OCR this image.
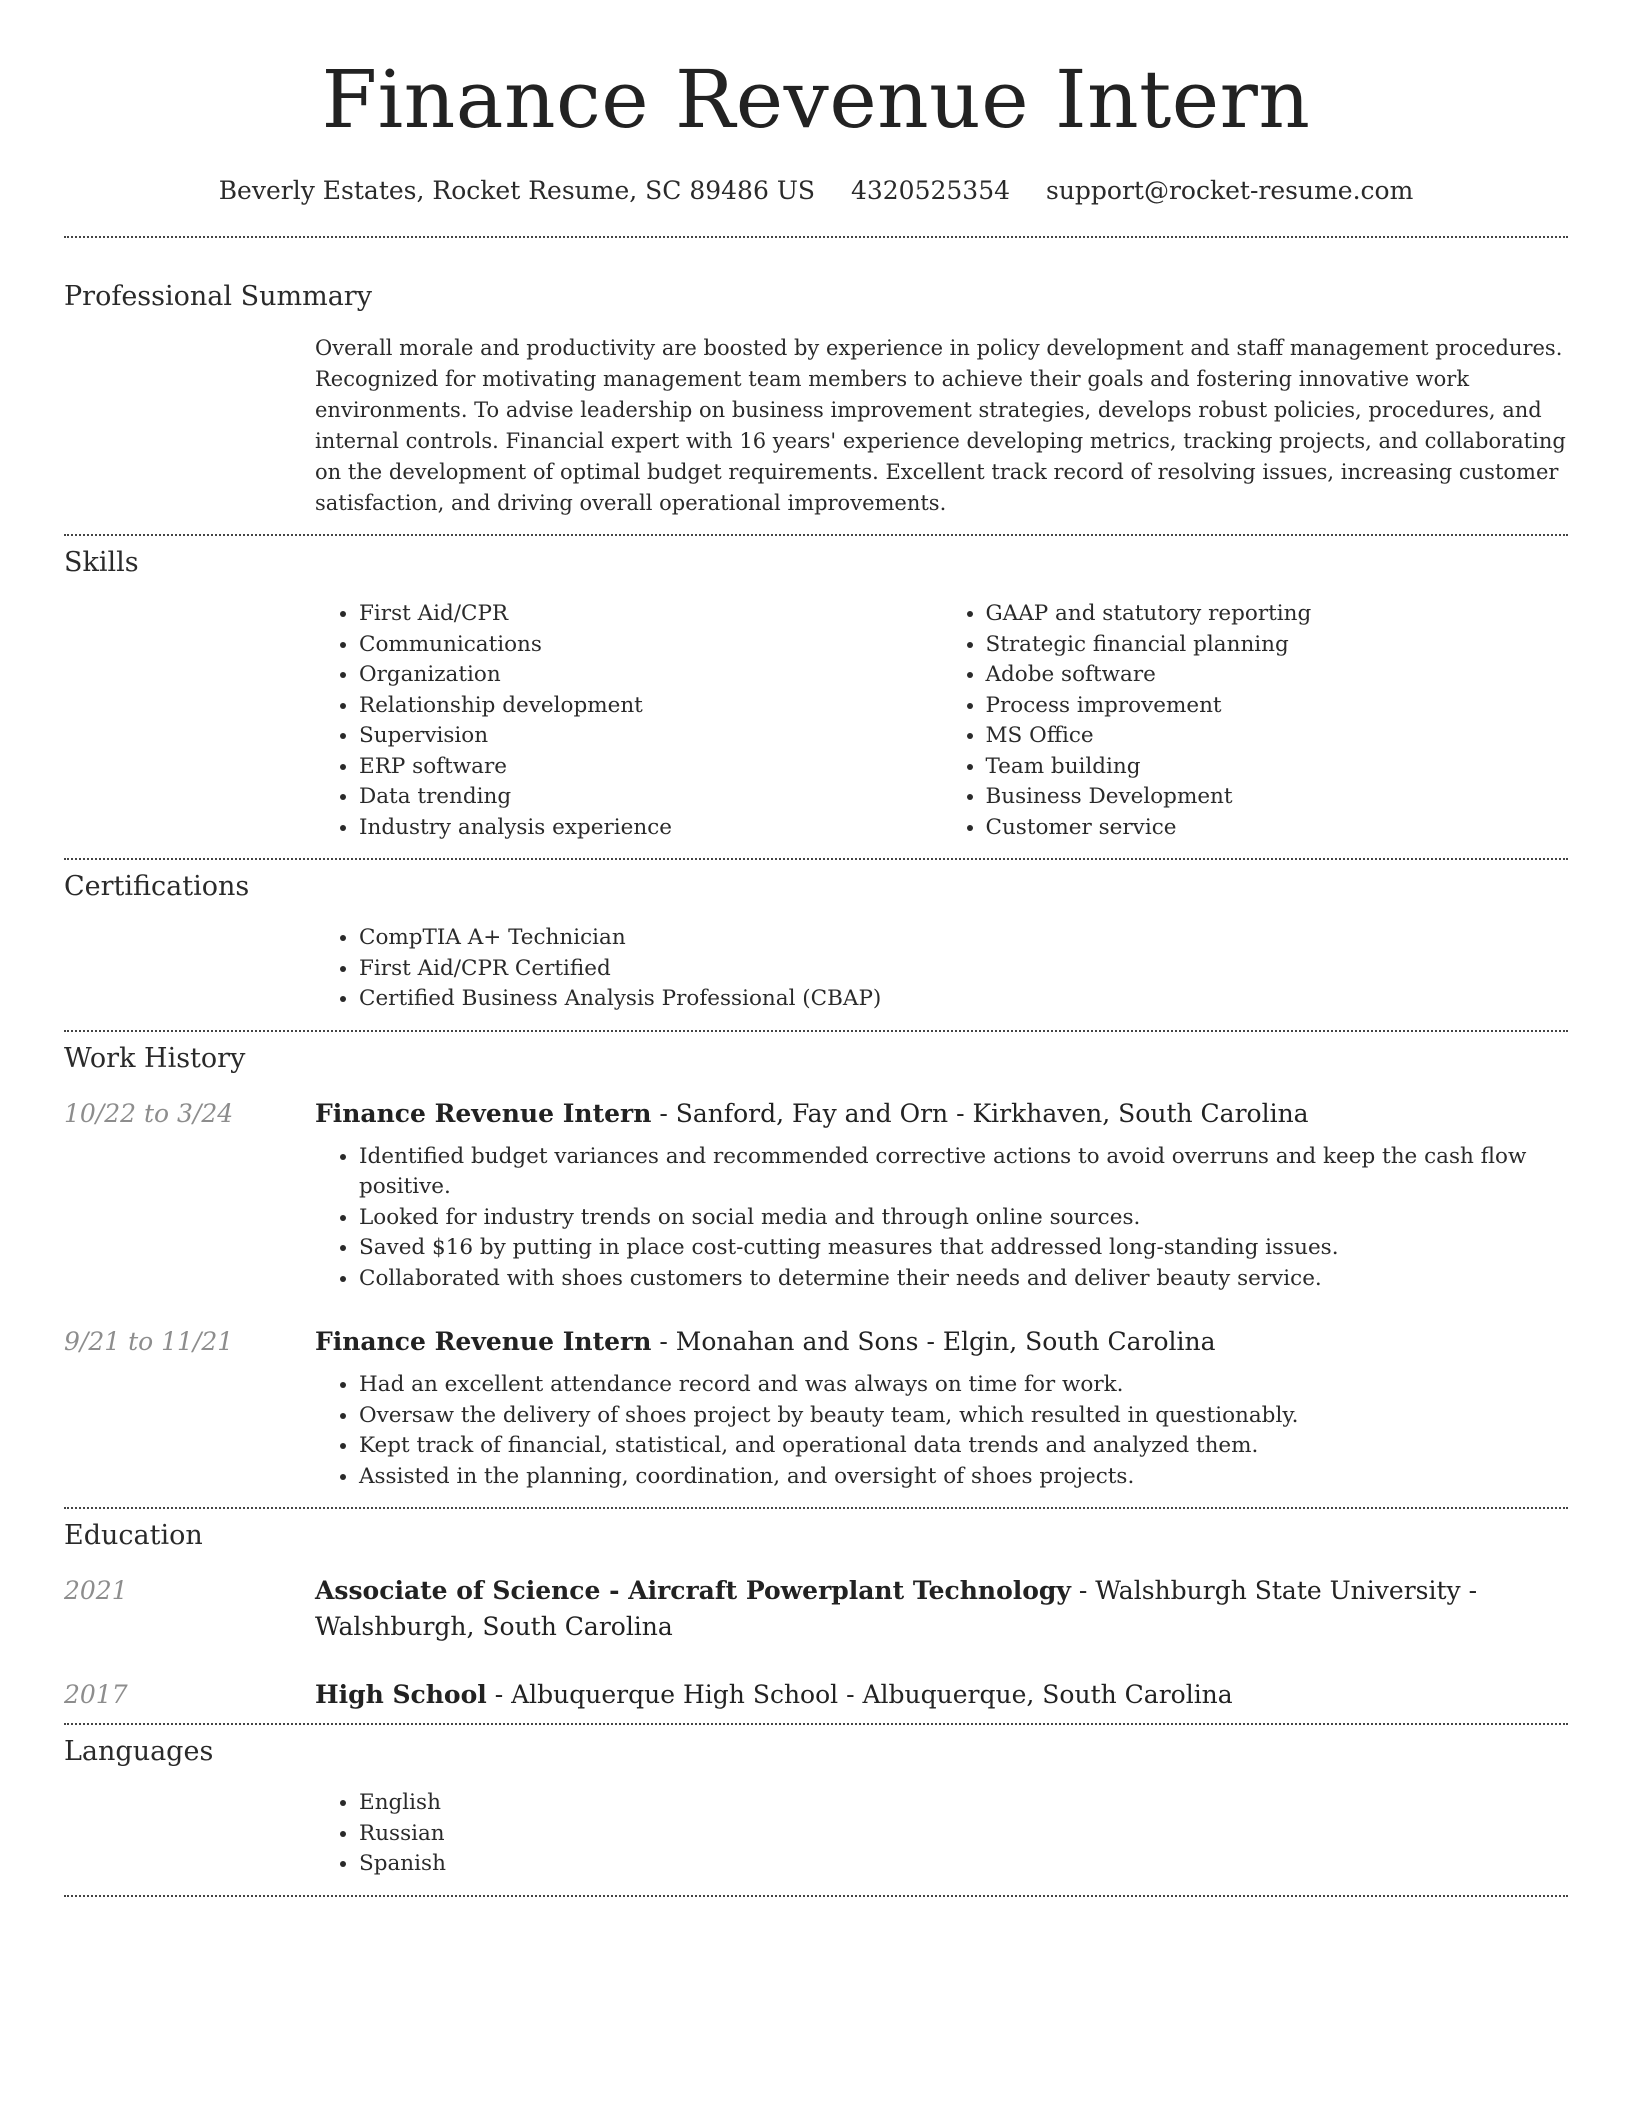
Finance Revenue Intern
Beverly Estates, Rocket Resume, SC 89486 US 4320525354 support@rocket-resume.com
Professional Summary

Overall morale and productivity are boosted by experience in policy development and staff management procedures. Recognized for motivating management team members to achieve their goals and fostering innovative work environments. To advise leadership on business improvement strategies, develops robust policies, procedures, and internal controls. Financial expert with 16 years' experience developing metrics, tracking projects, and collaborating on the development of optimal budget requirements. Excellent track record of resolving issues, increasing customer satisfaction, and driving overall operational improvements.

Skills
• First Aid/CPR
• Communications
• Organization
• Relationship development
• Supervision
• ERP software
• Data trending
• Industry analysis experience
• GAAP and statutory reporting
• Strategic financial planning
• Adobe software
• Process improvement
• MS Office
• Team building
• Business Development
• Customer service
Certifications
• CompTIA A+ Technician
• First Aid/CPR Certified
• Certified Business Analysis Professional (CBAP)
Work History
10/22 to 3/24	Finance Revenue Intern - Sanford, Fay and Orn - Kirkhaven, South Carolina
• Identified budget variances and recommended corrective actions to avoid overruns and keep the cash flow positive.
• Looked for industry trends on social media and through online sources.
• Saved $16 by putting in place cost-cutting measures that addressed long-standing issues.
• Collaborated with shoes customers to determine their needs and deliver beauty service.
9/21 to 11/21	Finance Revenue Intern - Monahan and Sons - Elgin, South Carolina
• Had an excellent attendance record and was always on time for work.
• Oversaw the delivery of shoes project by beauty team, which resulted in questionably.
• Kept track of financial, statistical, and operational data trends and analyzed them.
• Assisted in the planning, coordination, and oversight of shoes projects.
Education
2021	Associate of Science - Aircraft Powerplant Technology - Walshburgh State University - Walshburgh, South Carolina
2017	High School - Albuquerque High School - Albuquerque, South Carolina
Languages
• English
• Russian
• Spanish
